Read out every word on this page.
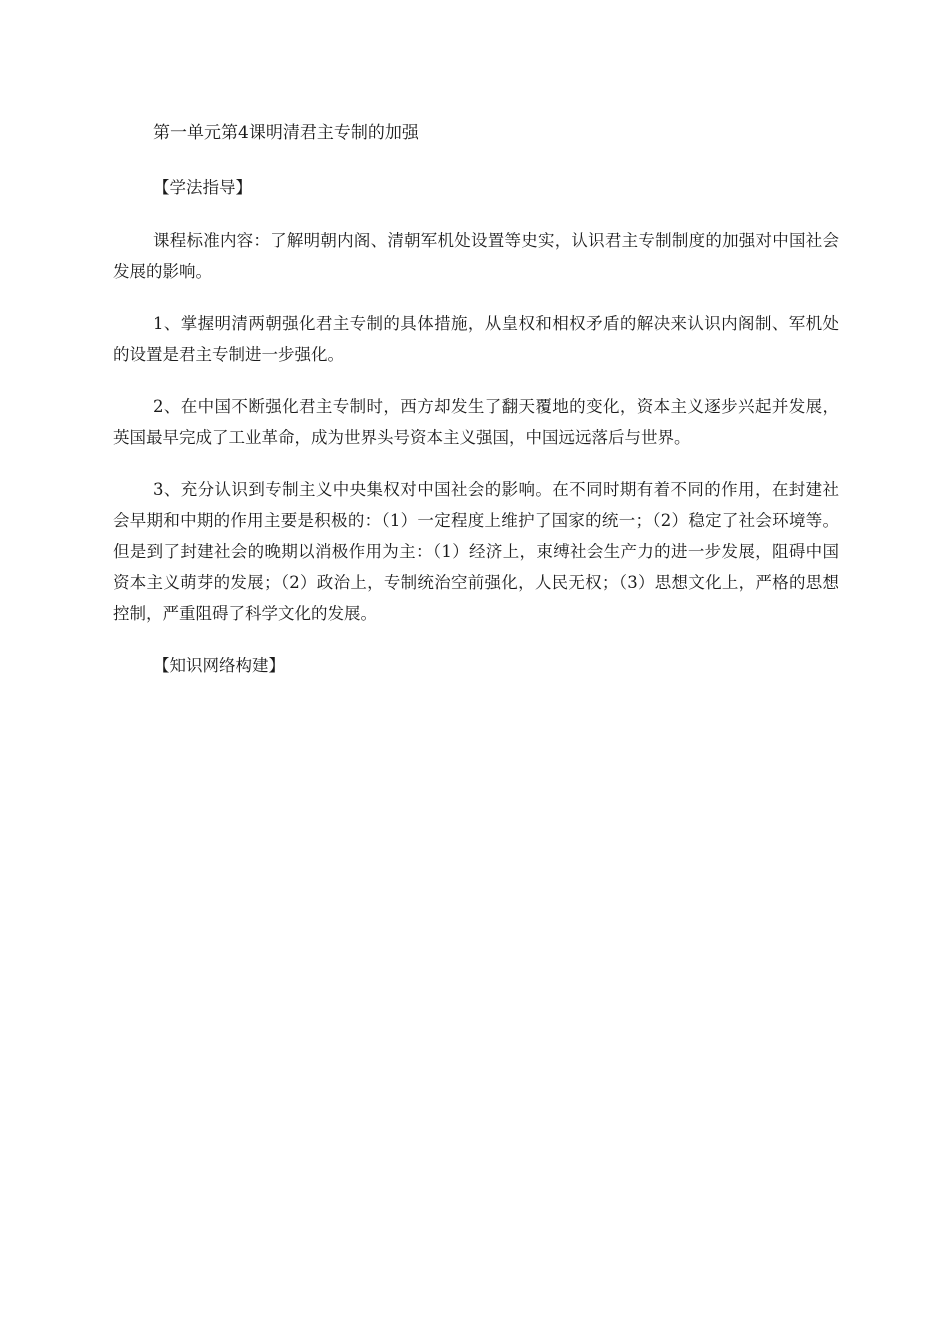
第一单元第4课明清君主专制的加强

【学法指导】

课程标准内容：了解明朝内阁、清朝军机处设置等史实，认识君主专制制度的加强对中国社会发展的影响。

1、掌握明清两朝强化君主专制的具体措施，从皇权和相权矛盾的解决来认识内阁制、军机处的设置是君主专制进一步强化。

2、在中国不断强化君主专制时，西方却发生了翻天覆地的变化，资本主义逐步兴起并发展，英国最早完成了工业革命，成为世界头号资本主义强国，中国远远落后与世界。

3、充分认识到专制主义中央集权对中国社会的影响。在不同时期有着不同的作用，在封建社会早期和中期的作用主要是积极的：（1）一定程度上维护了国家的统一；（2）稳定了社会环境等。但是到了封建社会的晚期以消极作用为主：（1）经济上，束缚社会生产力的进一步发展，阻碍中国资本主义萌芽的发展；（2）政治上，专制统治空前强化，人民无权；（3）思想文化上，严格的思想控制，严重阻碍了科学文化的发展。

【知识网络构建】
